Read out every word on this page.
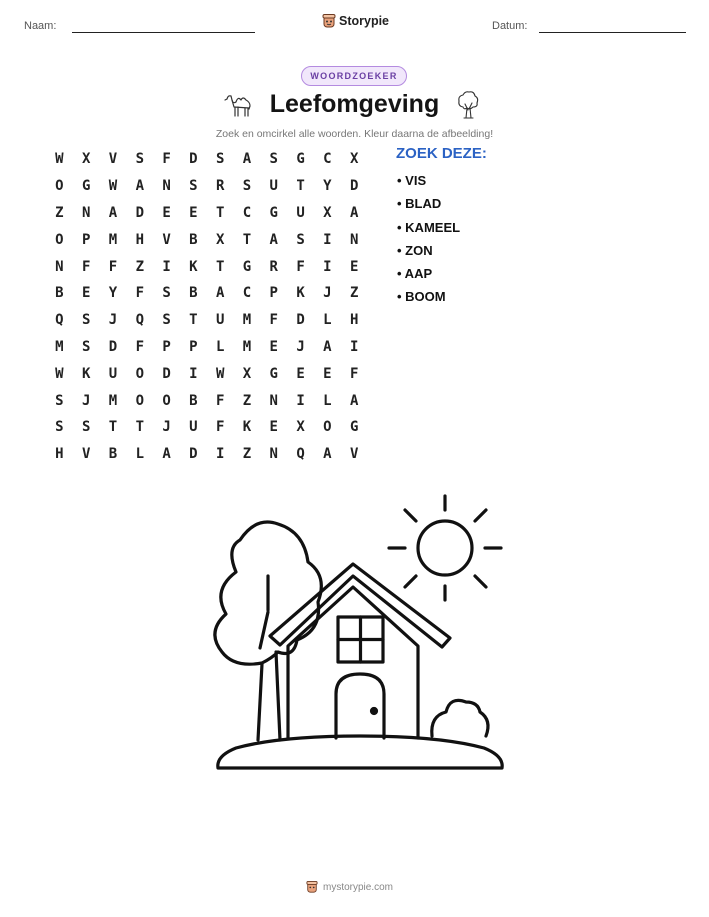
Naam:	Storypie	Datum:
WOORDZOEKER
Leefomgeving
Zoek en omcirkel alle woorden. Kleur daarna de afbeelding!
W	X	V	S	F	D	S	A	S	G	C	X
O	G	W	A	N	S	R	S	U	T	Y	D
Z	N	A	D	E	E	T	C	G	U	X	A
O	P	M	H	V	B	X	T	A	S	I	N
N	F	F	Z	I	K	T	G	R	F	I	E
B	E	Y	F	S	B	A	C	P	K	J	Z
Q	S	J	Q	S	T	U	M	F	D	L	H
M	S	D	F	P	P	L	M	E	J	A	I
W	K	U	O	D	I	W	X	G	E	E	F
S	J	M	O	O	B	F	Z	N	I	L	A
S	S	T	T	J	U	F	K	E	X	O	G
H	V	B	L	A	D	I	Z	N	Q	A	V
ZOEK DEZE:
• VIS
• BLAD
• KAMEEL
• ZON
• AAP
• BOOM
mystorypie.com
